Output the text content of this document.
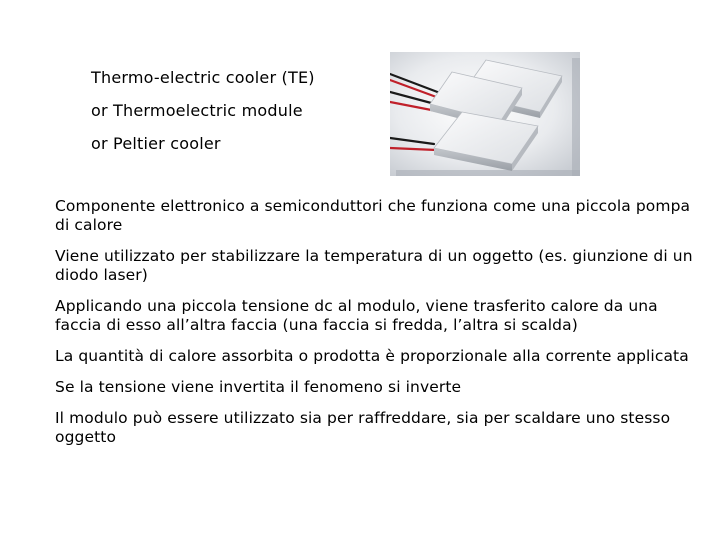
Thermo-electric cooler (TE)
or Thermoelectric module
or Peltier cooler
Componente elettronico a semiconduttori che funziona come una piccola pompa di calore
Viene utilizzato per stabilizzare la temperatura di un oggetto (es. giunzione di un diodo laser)
Applicando una piccola tensione dc al modulo, viene trasferito calore da una faccia di esso all’altra faccia (una faccia si fredda, l’altra si scalda)
La quantità di calore assorbita o prodotta è proporzionale alla corrente applicata
Se la tensione viene invertita il fenomeno si inverte
Il modulo può essere utilizzato sia per raffreddare, sia per scaldare uno stesso oggetto
